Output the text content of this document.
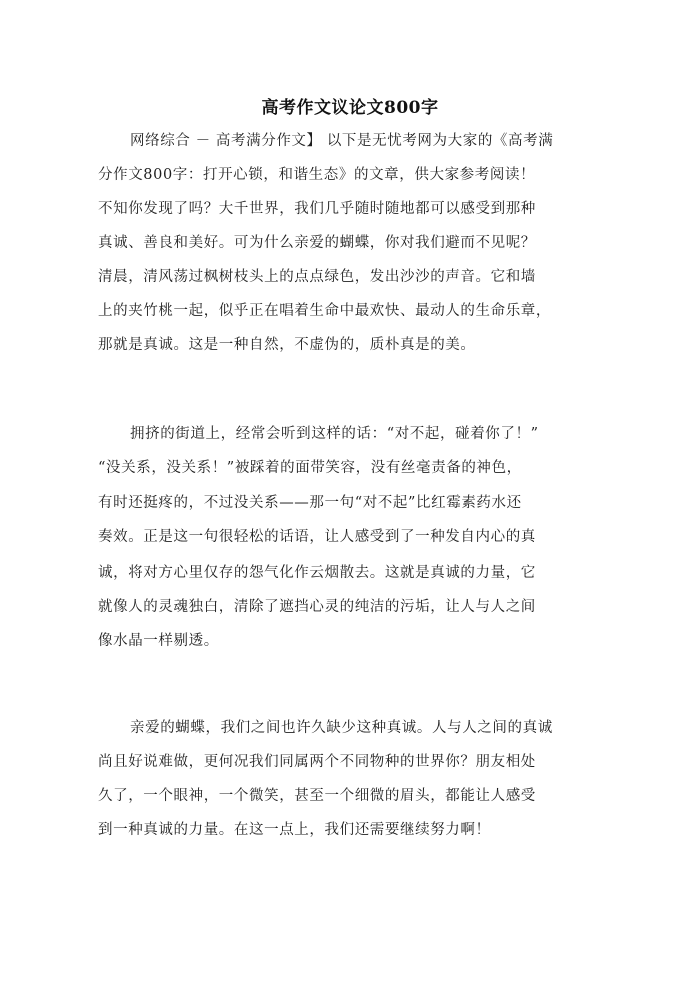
高考作文议论文800字
网络综合 － 高考满分作文】 以下是无忧考网为大家的《高考满
分作文800字：打开心锁，和谐生态》的文章，供大家参考阅读！
不知你发现了吗？大千世界，我们几乎随时随地都可以感受到那种
真诚、善良和美好。可为什么亲爱的蝴蝶，你对我们避而不见呢？
清晨，清风荡过枫树枝头上的点点绿色，发出沙沙的声音。它和墙
上的夹竹桃一起，似乎正在唱着生命中最欢快、最动人的生命乐章，
那就是真诚。这是一种自然，不虚伪的，质朴真是的美。
拥挤的街道上，经常会听到这样的话：“对不起，碰着你了！”
“没关系，没关系！”被踩着的面带笑容，没有丝毫责备的神色，
有时还挺疼的，不过没关系——那一句“对不起”比红霉素药水还
奏效。正是这一句很轻松的话语，让人感受到了一种发自内心的真
诚，将对方心里仅存的怨气化作云烟散去。这就是真诚的力量，它
就像人的灵魂独白，清除了遮挡心灵的纯洁的污垢，让人与人之间
像水晶一样剔透。
亲爱的蝴蝶，我们之间也许久缺少这种真诚。人与人之间的真诚
尚且好说难做，更何况我们同属两个不同物种的世界你？朋友相处
久了，一个眼神，一个微笑，甚至一个细微的眉头，都能让人感受
到一种真诚的力量。在这一点上，我们还需要继续努力啊！
